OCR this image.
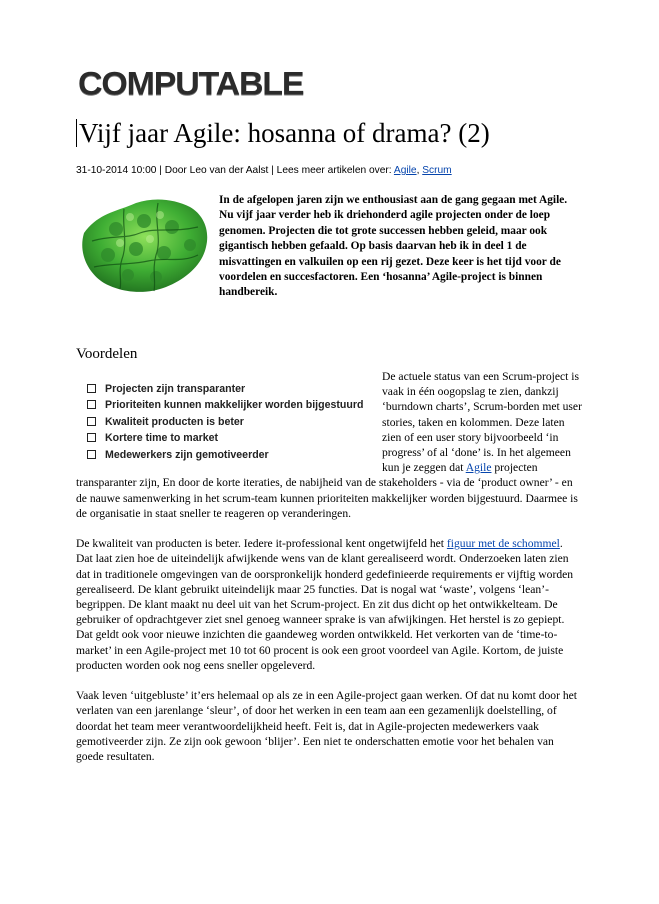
COMPUTABLE
Vijf jaar Agile: hosanna of drama? (2)
31-10-2014 10:00 | Door Leo van der Aalst | Lees meer artikelen over: Agile, Scrum
In de afgelopen jaren zijn we enthousiast aan de gang gegaan met Agile. Nu vijf jaar verder heb ik driehonderd agile projecten onder de loep genomen. Projecten die tot grote successen hebben geleid, maar ook gigantisch hebben gefaald. Op basis daarvan heb ik in deel 1 de misvattingen en valkuilen op een rij gezet. Deze keer is het tijd voor de voordelen en succesfactoren. Een ‘hosanna’ Agile-project is binnen handbereik.
Voordelen
Projecten zijn transparanter
Prioriteiten kunnen makkelijker worden bijgestuurd
Kwaliteit producten is beter
Kortere time to market
Medewerkers zijn gemotiveerder

De actuele status van een Scrum-project is vaak in één oogopslag te zien, dankzij ‘burndown charts’, Scrum-borden met user stories, taken en kolommen. Deze laten zien of een user story bijvoorbeeld ‘in progress’ of al ‘done’ is. In het algemeen kun je zeggen dat Agile projecten transparanter zijn, En door de korte iteraties, de nabijheid van de stakeholders - via de ‘product owner’ - en de nauwe samenwerking in het scrum-team kunnen prioriteiten makkelijker worden bijgestuurd. Daarmee is de organisatie in staat sneller te reageren op veranderingen.

De kwaliteit van producten is beter. Iedere it-professional kent ongetwijfeld het figuur met de schommel. Dat laat zien hoe de uiteindelijk afwijkende wens van de klant gerealiseerd wordt. Onderzoeken laten zien dat in traditionele omgevingen van de oorspronkelijk honderd gedefinieerde requirements er vijftig worden gerealiseerd. De klant gebruikt uiteindelijk maar 25 functies. Dat is nogal wat ‘waste’, volgens ‘lean’-begrippen. De klant maakt nu deel uit van het Scrum-project. En zit dus dicht op het ontwikkelteam. De gebruiker of opdrachtgever ziet snel genoeg wanneer sprake is van afwijkingen. Het herstel is zo gepiept. Dat geldt ook voor nieuwe inzichten die gaandeweg worden ontwikkeld. Het verkorten van de ‘time-to-market’ in een Agile-project met 10 tot 60 procent is ook een groot voordeel van Agile. Kortom, de juiste producten worden ook nog eens sneller opgeleverd.

Vaak leven ‘uitgebluste’ it’ers helemaal op als ze in een Agile-project gaan werken. Of dat nu komt door het verlaten van een jarenlange ‘sleur’, of door het werken in een team aan een gezamenlijk doelstelling, of doordat het team meer verantwoordelijkheid heeft. Feit is, dat in Agile-projecten medewerkers vaak gemotiveerder zijn. Ze zijn ook gewoon ‘blijer’. Een niet te onderschatten emotie voor het behalen van goede resultaten.
